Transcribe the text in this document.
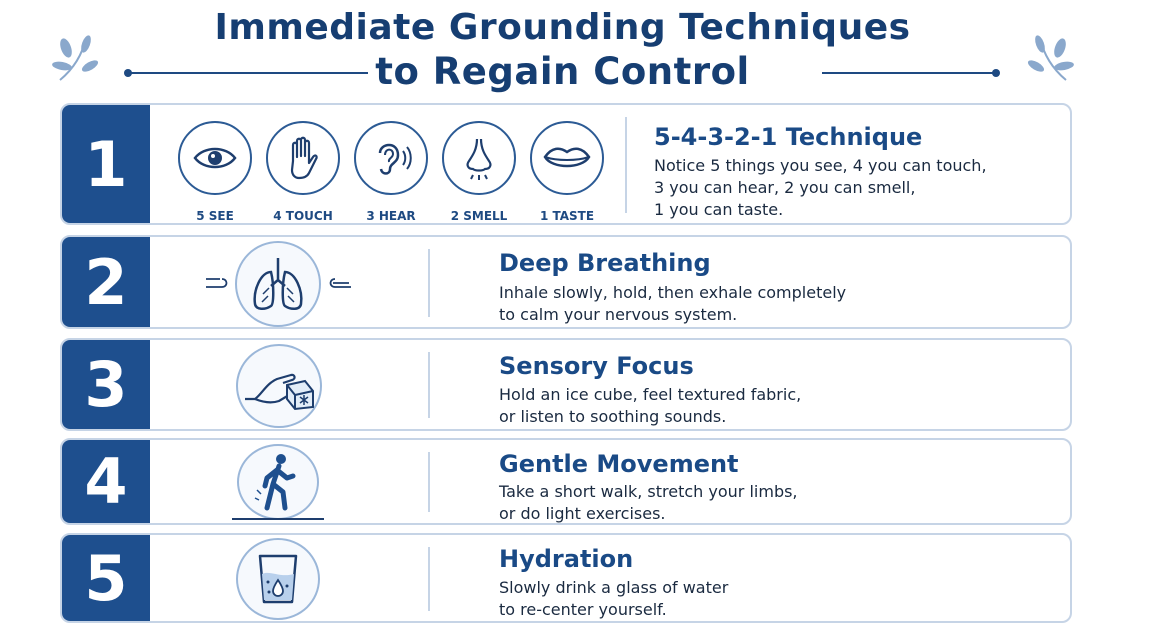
Immediate Grounding Techniques
to Regain Control
1
5 SEE	4 TOUCH	3 HEAR	2 SMELL	1 TASTE
5-4-3-2-1 Technique
Notice 5 things you see, 4 you can touch,
3 you can hear, 2 you can smell,
1 you can taste.
2	Deep Breathing
Inhale slowly, hold, then exhale completely
to calm your nervous system.
3	Sensory Focus
Hold an ice cube, feel textured fabric,
or listen to soothing sounds.
4	Gentle Movement
Take a short walk, stretch your limbs,
or do light exercises.
5	Hydration
Slowly drink a glass of water
to re-center yourself.
